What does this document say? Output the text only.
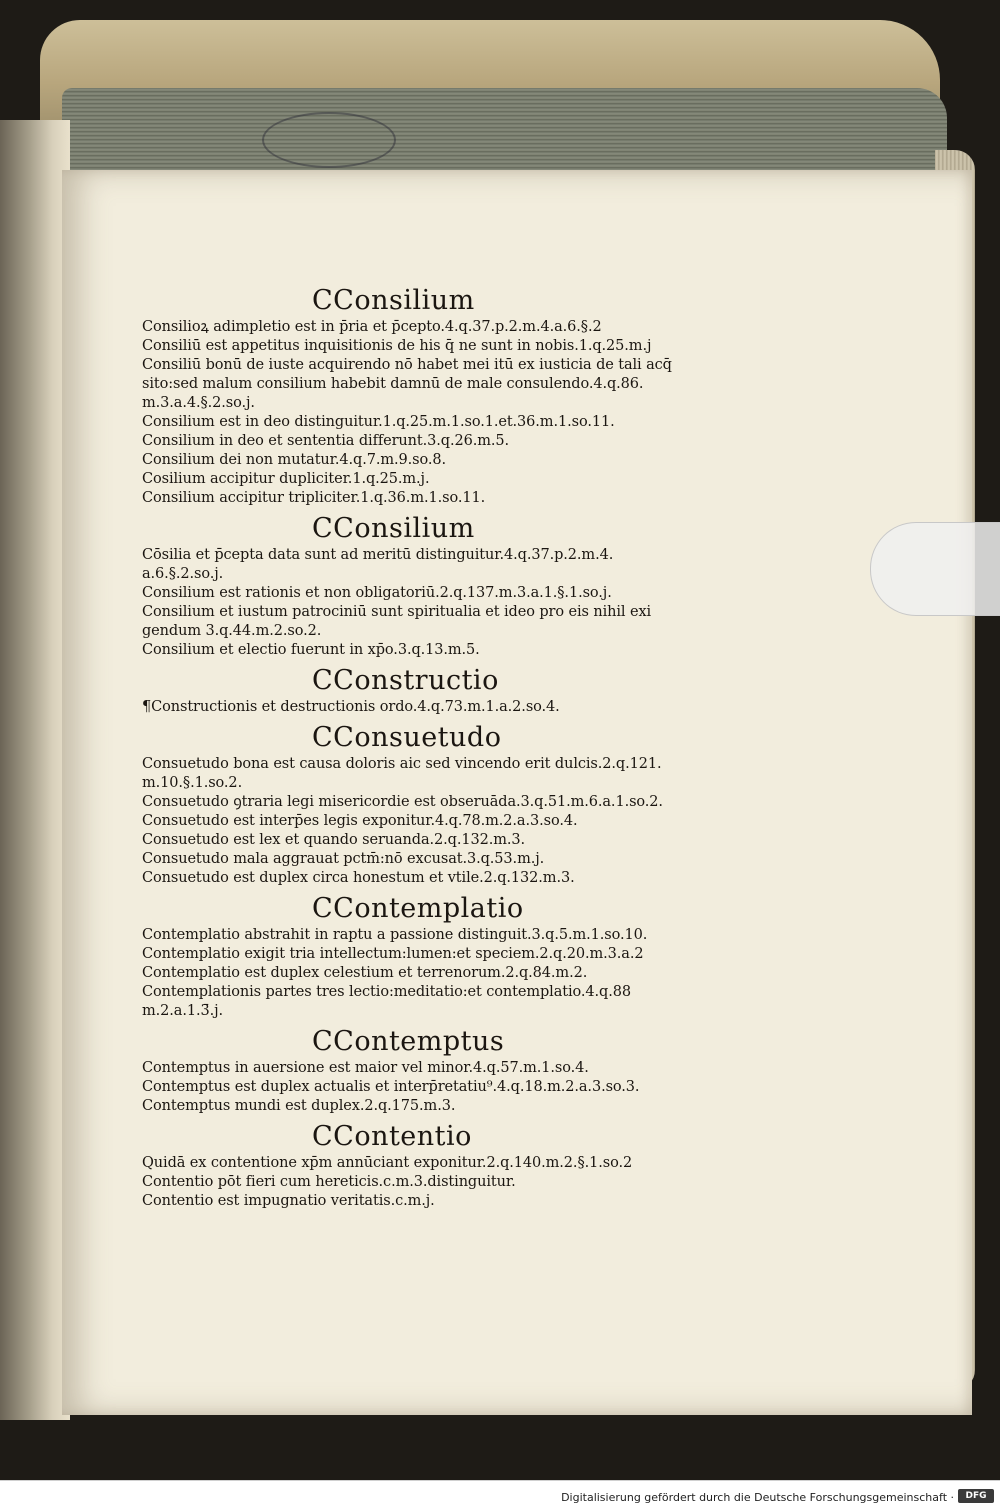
CConsilium
Consilioꝝ adimpletio est in p̄ria et p̄cepto.4.q.37.p.2.m.4.a.6.§.2
Consiliū est appetitus inquisitionis de his q̄ ne sunt in nobis.1.q.25.m.j
Consiliū bonū de iuste acquirendo nō habet mei itū ex iusticia de tali acq̄
sito:sed malum consilium habebit damnū de male consulendo.4.q.86.
m.3.a.4.§.2.so.j.
Consilium est in deo distinguitur.1.q.25.m.1.so.1.et.36.m.1.so.11.
Consilium in deo et sententia differunt.3.q.26.m.5.
Consilium dei non mutatur.4.q.7.m.9.so.8.
Cosilium accipitur dupliciter.1.q.25.m.j.
Consilium accipitur tripliciter.1.q.36.m.1.so.11.
CConsilium
Cōsilia et p̄cepta data sunt ad meritū distinguitur.4.q.37.p.2.m.4.
a.6.§.2.so.j.
Consilium est rationis et non obligatoriū.2.q.137.m.3.a.1.§.1.so.j.
Consilium et iustum patrociniū sunt spiritualia et ideo pro eis nihil exi
gendum 3.q.44.m.2.so.2.
Consilium et electio fuerunt in xp̄o.3.q.13.m.5.
CConstructio
¶Constructionis et destructionis ordo.4.q.73.m.1.a.2.so.4.
CConsuetudo
Consuetudo bona est causa doloris aic sed vincendo erit dulcis.2.q.121.
m.10.§.1.so.2.
Consuetudo ꝯtraria legi misericordie est obseruāda.3.q.51.m.6.a.1.so.2.
Consuetudo est interp̄es legis exponitur.4.q.78.m.2.a.3.so.4.
Consuetudo est lex et quando seruanda.2.q.132.m.3.
Consuetudo mala aggrauat pctm̄:nō excusat.3.q.53.m.j.
Consuetudo est duplex circa honestum et vtile.2.q.132.m.3.
CContemplatio
Contemplatio abstrahit in raptu a passione distinguit.3.q.5.m.1.so.10.
Contemplatio exigit tria intellectum:lumen:et speciem.2.q.20.m.3.a.2
Contemplatio est duplex celestium et terrenorum.2.q.84.m.2.
Contemplationis partes tres lectio:meditatio:et contemplatio.4.q.88
m.2.a.1.3̄.j.
CContemptus
Contemptus in auersione est maior vel minor.4.q.57.m.1.so.4.
Contemptus est duplex actualis et interp̄retatiu⁹.4.q.18.m.2.a.3.so.3.
Contemptus mundi est duplex.2.q.175.m.3.
CContentio
Quidā ex contentione xp̄m annūciant exponitur.2.q.140.m.2.§.1.so.2
Contentio pōt fieri cum hereticis.c.m.3.distinguitur.
Contentio est impugnatio veritatis.c.m.j.
Digitalisierung gefördert durch die Deutsche Forschungsgemeinschaft ·	DFG
